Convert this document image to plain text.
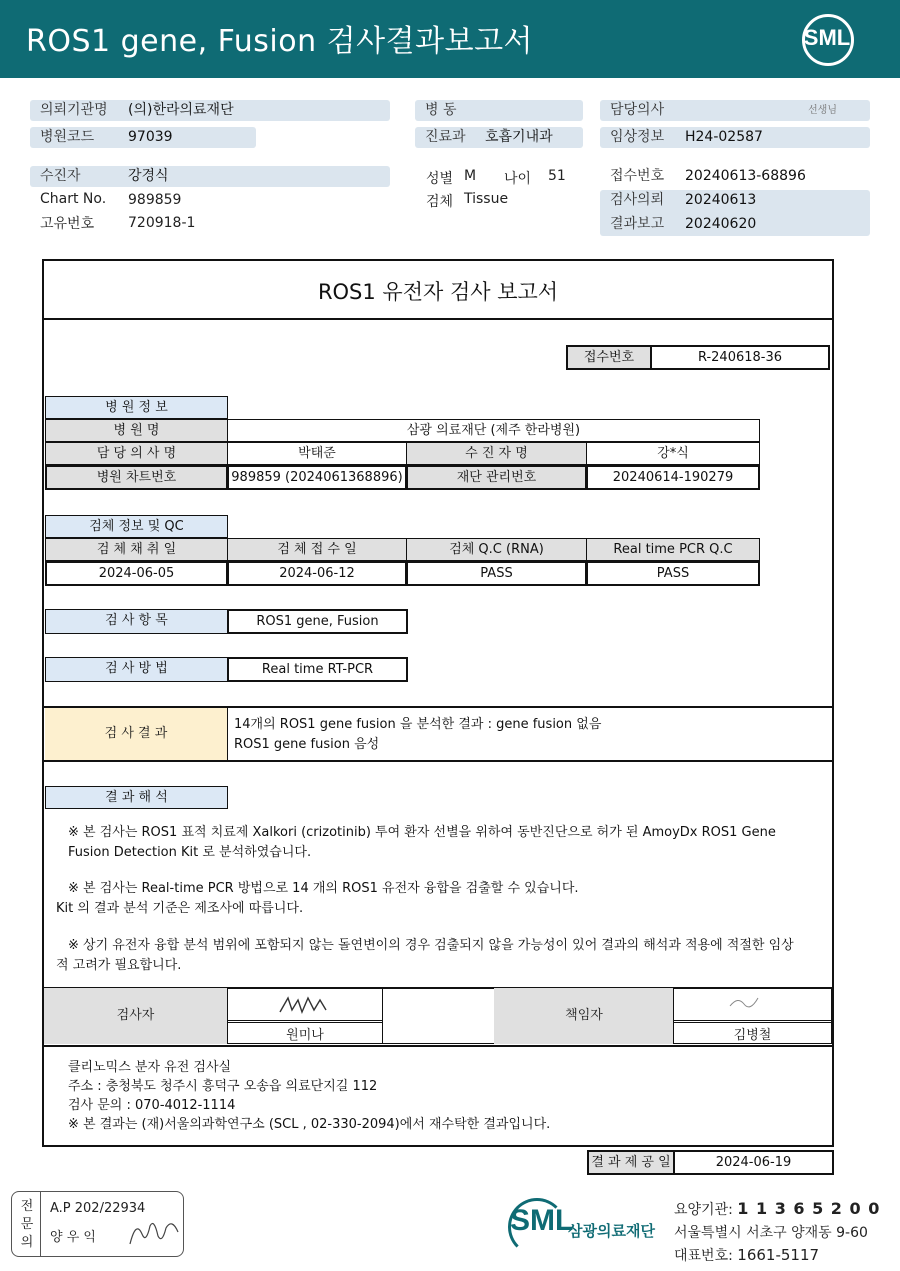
ROS1 gene, Fusion 검사결과보고서	SML
의뢰기관명 (의)한라의료재단
병원코드 97039
수진자	강경식
Chart No. 989859
고유번호 720918-1
병 동
진료과 호흡기내과
성별 M 나이 51
검체 Tissue
담당의사	선생님
임상정보 H24-02587
접수번호 20240613-68896
검사의뢰 20240613
결과보고 20240620
ROS1 유전자 검사 보고서
접수번호	R-240618-36
병 원 정 보
병 원 명	삼광 의료재단 (제주 한라병원)
담 당 의 사 명	박태준	수 진 자 명	강*식
병원 차트번호	989859 (2024061368896)	재단 관리번호	20240614-190279
검체 정보 및 QC
검 체 채 취 일	검 체 접 수 일	검체 Q.C (RNA)	Real time PCR Q.C
2024-06-05	2024-06-12	PASS	PASS
검 사 항 목	ROS1 gene, Fusion
검 사 방 법	Real time RT-PCR
검 사 결 과
14개의 ROS1 gene fusion 을 분석한 결과 : gene fusion 없음
ROS1 gene fusion 음성
결 과 해 석
※ 본 검사는 ROS1 표적 치료제 Xalkori (crizotinib) 투여 환자 선별을 위하여 동반진단으로 허가 된 AmoyDx ROS1 Gene
Fusion Detection Kit 로 분석하였습니다.
※ 본 검사는 Real-time PCR 방법으로 14 개의 ROS1 유전자 융합을 검출할 수 있습니다.
Kit 의 결과 분석 기준은 제조사에 따릅니다.
※ 상기 유전자 융합 분석 범위에 포함되지 않는 돌연변이의 경우 검출되지 않을 가능성이 있어 결과의 해석과 적용에 적절한 임상
적 고려가 필요합니다.
검사자
원미나
책임자
김병철
클리노믹스 분자 유전 검사실
주소 : 충청북도 청주시 흥덕구 오송읍 의료단지길 112
검사 문의 : 070-4012-1114
※ 본 결과는 (재)서울의과학연구소 (SCL , 02-330-2094)에서 재수탁한 결과입니다.
결 과 제 공 일	2024-06-19
전
문
의
A.P 202/22934
양 우 익
SML
삼광의료재단
요양기관: 1 1 3 6 5 2 0 0
서울특별시 서초구 양재동 9-60
대표번호: 1661-5117
